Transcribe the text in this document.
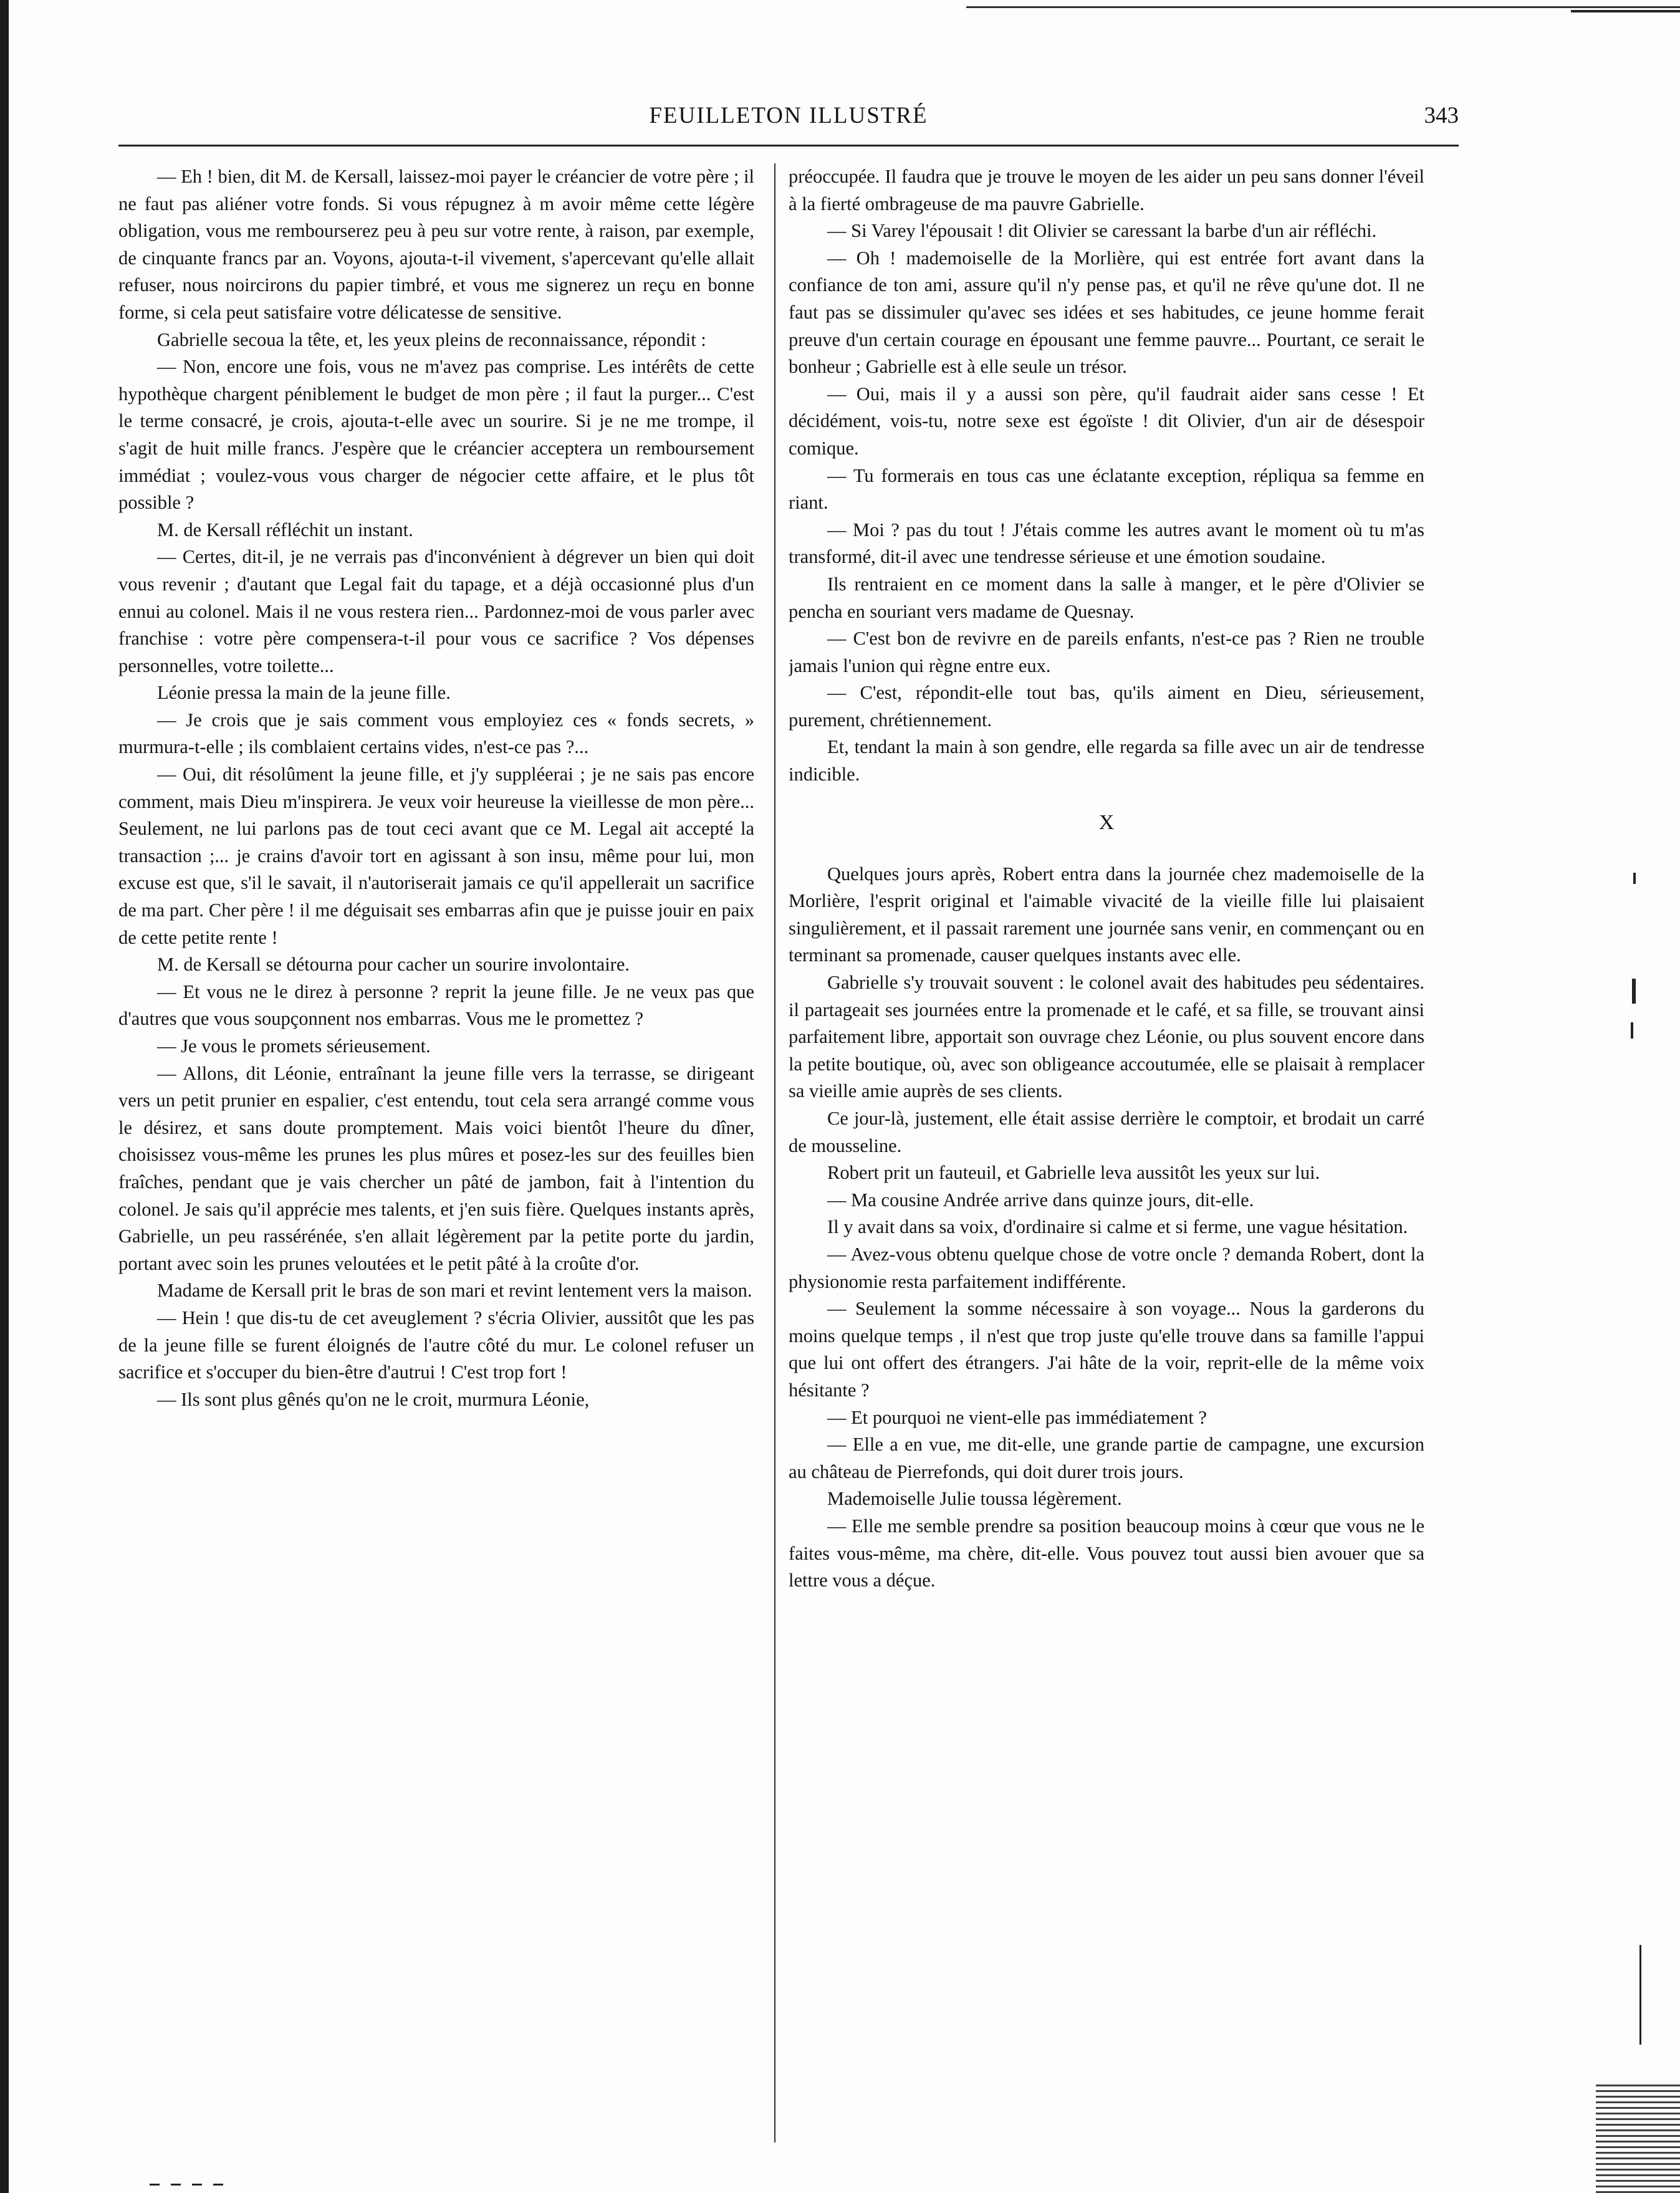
FEUILLETON ILLUSTRÉ	343

— Eh ! bien, dit M. de Kersall, laissez-moi payer le créancier de votre père ; il ne faut pas aliéner votre fonds. Si vous répugnez à m avoir même cette légère obligation, vous me rembourserez peu à peu sur votre rente, à raison, par exemple, de cinquante francs par an. Voyons, ajouta-t-il vivement, s'apercevant qu'elle allait refuser, nous noircirons du papier timbré, et vous me signerez un reçu en bonne forme, si cela peut satisfaire votre délicatesse de sensitive.

Gabrielle secoua la tête, et, les yeux pleins de reconnaissance, répondit :

— Non, encore une fois, vous ne m'avez pas comprise. Les intérêts de cette hypothèque chargent péniblement le budget de mon père ; il faut la purger... C'est le terme consacré, je crois, ajouta-t-elle avec un sourire. Si je ne me trompe, il s'agit de huit mille francs. J'espère que le créancier acceptera un remboursement immédiat ; voulez-vous vous charger de négocier cette affaire, et le plus tôt possible ?

M. de Kersall réfléchit un instant.

— Certes, dit-il, je ne verrais pas d'inconvénient à dégrever un bien qui doit vous revenir ; d'autant que Legal fait du tapage, et a déjà occasionné plus d'un ennui au colonel. Mais il ne vous restera rien... Pardonnez-moi de vous parler avec franchise : votre père compensera-t-il pour vous ce sacrifice ? Vos dépenses personnelles, votre toilette...

Léonie pressa la main de la jeune fille.

— Je crois que je sais comment vous employiez ces « fonds secrets, » murmura-t-elle ; ils comblaient certains vides, n'est-ce pas ?...

— Oui, dit résolûment la jeune fille, et j'y suppléerai ; je ne sais pas encore comment, mais Dieu m'inspirera. Je veux voir heureuse la vieillesse de mon père... Seulement, ne lui parlons pas de tout ceci avant que ce M. Legal ait accepté la transaction ;... je crains d'avoir tort en agissant à son insu, même pour lui, mon excuse est que, s'il le savait, il n'autoriserait jamais ce qu'il appellerait un sacrifice de ma part. Cher père ! il me déguisait ses embarras afin que je puisse jouir en paix de cette petite rente !

M. de Kersall se détourna pour cacher un sourire involontaire.

— Et vous ne le direz à personne ? reprit la jeune fille. Je ne veux pas que d'autres que vous soupçonnent nos embarras. Vous me le promettez ?

— Je vous le promets sérieusement.

— Allons, dit Léonie, entraînant la jeune fille vers la terrasse, se dirigeant vers un petit prunier en espalier, c'est entendu, tout cela sera arrangé comme vous le désirez, et sans doute promptement. Mais voici bientôt l'heure du dîner, choisissez vous-même les prunes les plus mûres et posez-les sur des feuilles bien fraîches, pendant que je vais chercher un pâté de jambon, fait à l'intention du colonel. Je sais qu'il apprécie mes talents, et j'en suis fière. Quelques instants après, Gabrielle, un peu rassérénée, s'en allait légèrement par la petite porte du jardin, portant avec soin les prunes veloutées et le petit pâté à la croûte d'or.

Madame de Kersall prit le bras de son mari et revint lentement vers la maison.

— Hein ! que dis-tu de cet aveuglement ? s'écria Olivier, aussitôt que les pas de la jeune fille se furent éloignés de l'autre côté du mur. Le colonel refuser un sacrifice et s'occuper du bien-être d'autrui ! C'est trop fort !

— Ils sont plus gênés qu'on ne le croit, murmura Léonie,

préoccupée. Il faudra que je trouve le moyen de les aider un peu sans donner l'éveil à la fierté ombrageuse de ma pauvre Gabrielle.

— Si Varey l'épousait ! dit Olivier se caressant la barbe d'un air réfléchi.

— Oh ! mademoiselle de la Morlière, qui est entrée fort avant dans la confiance de ton ami, assure qu'il n'y pense pas, et qu'il ne rêve qu'une dot. Il ne faut pas se dissimuler qu'avec ses idées et ses habitudes, ce jeune homme ferait preuve d'un certain courage en épousant une femme pauvre... Pourtant, ce serait le bonheur ; Gabrielle est à elle seule un trésor.

— Oui, mais il y a aussi son père, qu'il faudrait aider sans cesse ! Et décidément, vois-tu, notre sexe est égoïste ! dit Olivier, d'un air de désespoir comique.

— Tu formerais en tous cas une éclatante exception, répliqua sa femme en riant.

— Moi ? pas du tout ! J'étais comme les autres avant le moment où tu m'as transformé, dit-il avec une tendresse sérieuse et une émotion soudaine.

Ils rentraient en ce moment dans la salle à manger, et le père d'Olivier se pencha en souriant vers madame de Quesnay.

— C'est bon de revivre en de pareils enfants, n'est-ce pas ? Rien ne trouble jamais l'union qui règne entre eux.

— C'est, répondit-elle tout bas, qu'ils aiment en Dieu, sérieusement, purement, chrétiennement.

Et, tendant la main à son gendre, elle regarda sa fille avec un air de tendresse indicible.

X

Quelques jours après, Robert entra dans la journée chez mademoiselle de la Morlière, l'esprit original et l'aimable vivacité de la vieille fille lui plaisaient singulièrement, et il passait rarement une journée sans venir, en commençant ou en terminant sa promenade, causer quelques instants avec elle.

Gabrielle s'y trouvait souvent : le colonel avait des habitudes peu sédentaires. il partageait ses journées entre la promenade et le café, et sa fille, se trouvant ainsi parfaitement libre, apportait son ouvrage chez Léonie, ou plus souvent encore dans la petite boutique, où, avec son obligeance accoutumée, elle se plaisait à remplacer sa vieille amie auprès de ses clients.

Ce jour-là, justement, elle était assise derrière le comptoir, et brodait un carré de mousseline.

Robert prit un fauteuil, et Gabrielle leva aussitôt les yeux sur lui.

— Ma cousine Andrée arrive dans quinze jours, dit-elle.

Il y avait dans sa voix, d'ordinaire si calme et si ferme, une vague hésitation.

— Avez-vous obtenu quelque chose de votre oncle ? demanda Robert, dont la physionomie resta parfaitement indifférente.

— Seulement la somme nécessaire à son voyage... Nous la garderons du moins quelque temps , il n'est que trop juste qu'elle trouve dans sa famille l'appui que lui ont offert des étrangers. J'ai hâte de la voir, reprit-elle de la même voix hésitante ?

— Et pourquoi ne vient-elle pas immédiatement ?

— Elle a en vue, me dit-elle, une grande partie de campagne, une excursion au château de Pierrefonds, qui doit durer trois jours.

Mademoiselle Julie toussa légèrement.

— Elle me semble prendre sa position beaucoup moins à cœur que vous ne le faites vous-même, ma chère, dit-elle. Vous pouvez tout aussi bien avouer que sa lettre vous a déçue.
